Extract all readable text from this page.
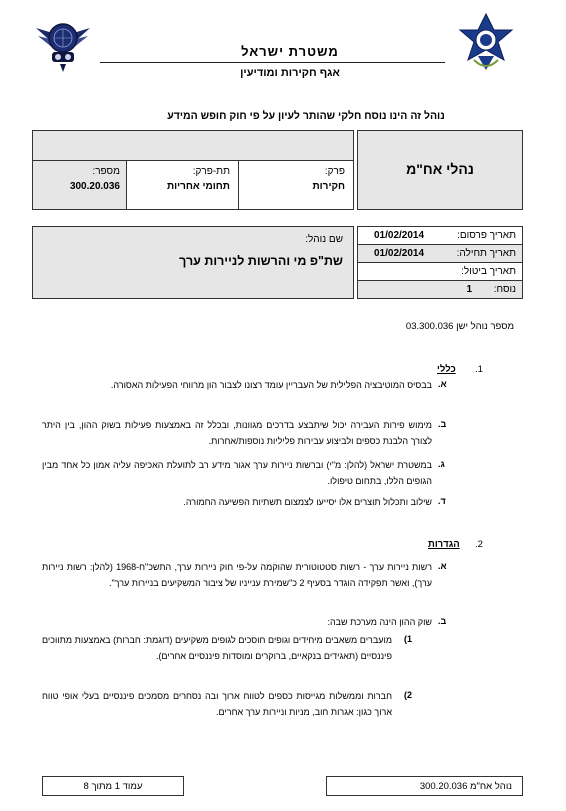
משטרת ישראל
אגף חקירות ומודיעין
נוהל זה הינו נוסח חלקי שהותר לעיון על פי חוק חופש המידע
פרק:
חקירות
תת-פרק:
תחומי אחריות
מספר:
300.20.036
נהלי אח"מ
תאריך פרסום:
01/02/2014
תאריך תחילה:
01/02/2014
תאריך ביטול:
נוסח:
1
שם נוהל:
שת"פ מי והרשות לניירות ערך
מספר נוהל ישן 03.300.036
1.
כללי
א.
בבסיס המוטיבציה הפלילית של העבריין עומד רצונו לצבור הון מרווחי הפעילות האסורה.
ב.
מימוש פירות העבירה יכול שיתבצע בדרכים מגוונות, ובכלל זה באמצעות פעילות בשוק ההון, בין היתר לצורך הלבנת כספים ולביצוע עבירות פליליות נוספות/אחרות.
ג.
במשטרת ישראל (להלן: מ"י) וברשות ניירות ערך אגור מידע רב לתועלת האכיפה עליה אמון כל אחד מבין הגופים הללו, בתחום טיפולו.
ד.
שילוב ותכלול תוצרים אלו יסייעו לצמצום תשתיות הפשיעה החמורה.
2.
הגדרות
א.
רשות ניירות ערך - רשות סטטוטורית שהוקמה על-פי חוק ניירות ערך, התשכ"ח-1968 (להלן: רשות ניירות ערך), ואשר תפקידה הוגדר בסעיף 2 כ"שמירת ענייניו של ציבור המשקיעים בניירות ערך".
ב.
שוק ההון הינה מערכת שבה:
1)
מועברים משאבים מיחידים וגופים חוסכים לגופים משקיעים (דוגמת: חברות) באמצעות מתווכים פיננסיים (תאגידים בנקאיים, ברוקרים ומוסדות פיננסיים אחרים).
2)
חברות וממשלות מגייסות כספים לטווח ארוך ובה נסחרים מסמכים פיננסיים בעלי אופי טווח ארוך כגון: אגרות חוב, מניות וניירות ערך אחרים.
עמוד 1 מתוך 8	נוהל אח"מ 300.20.036
